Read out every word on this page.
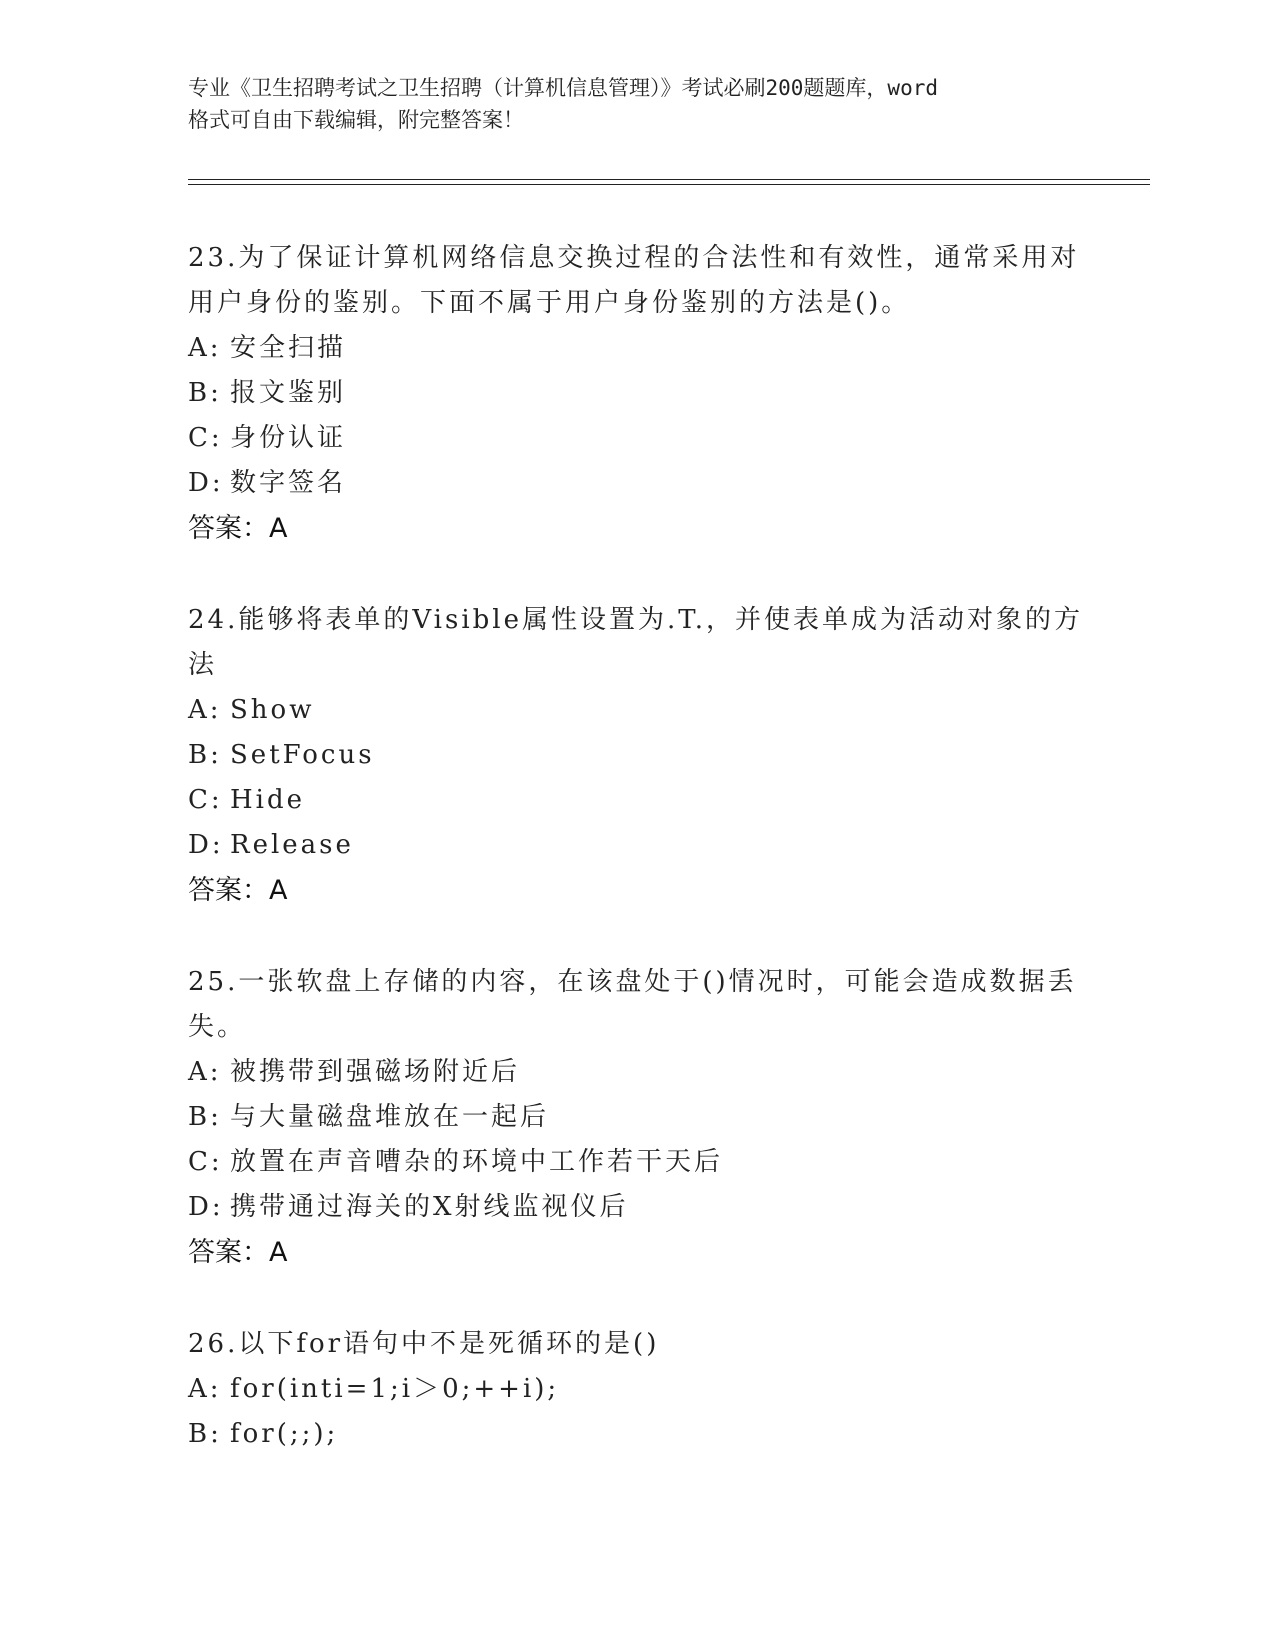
专业《卫生招聘考试之卫生招聘（计算机信息管理）》考试必刷200题题库，word
格式可自由下载编辑，附完整答案！

23.为了保证计算机网络信息交换过程的合法性和有效性，通常采用对用户身份的鉴别。下面不属于用户身份鉴别的方法是()。

A: 安全扫描

B: 报文鉴别

C: 身份认证

D: 数字签名

答案：A

24.能够将表单的Visible属性设置为.T.，并使表单成为活动对象的方法

A: Show

B: SetFocus

C: Hide

D: Release

答案：A

25.一张软盘上存储的内容，在该盘处于()情况时，可能会造成数据丢失。

A: 被携带到强磁场附近后

B: 与大量磁盘堆放在一起后

C: 放置在声音嘈杂的环境中工作若干天后

D: 携带通过海关的X射线监视仪后

答案：A

26.以下for语句中不是死循环的是()

A: for(inti=1;i＞0;++i);

B: for(;;);
